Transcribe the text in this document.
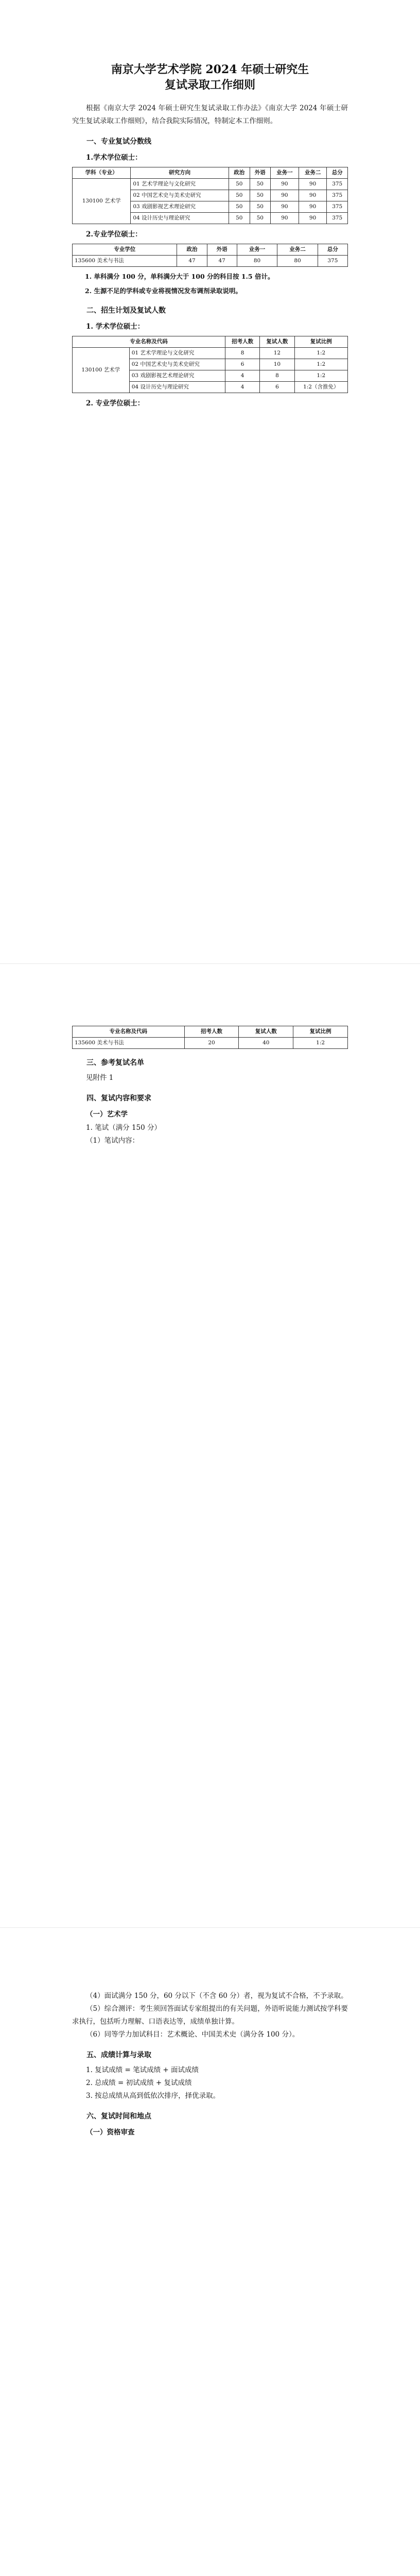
南京大学艺术学院 2024 年硕士研究生
复试录取工作细则

根据《南京大学 2024 年硕士研究生复试录取工作办法》《南京大学 2024 年硕士研究生复试录取工作细则》，结合我院实际情况，特制定本工作细则。

一、专业复试分数线
1.学术学位硕士：
学科（专业）	研究方向	政治	外语	业务一	业务二	总分
130100 艺术学	01 艺术学理论与文化研究	50	50	90	90	375
	02 中国艺术史与美术史研究	50	50	90	90	375
	03 戏剧影视艺术理论研究	50	50	90	90	375
	04 设计历史与理论研究	50	50	90	90	375
2.专业学位硕士：
专业学位	政治	外语	业务一	业务二	总分
135600 美术与书法	47	47	80	80	375
1. 单科满分 100 分，单科满分大于 100 分的科目按 1.5 倍计。
2. 生源不足的学科或专业将视情况发布调剂录取说明。
二、招生计划及复试人数
1. 学术学位硕士：
专业名称及代码		招考人数	复试人数	复试比例
130100 艺术学	01 艺术学理论与文化研究	8	12	1:2
	02 中国艺术史与美术史研究	6	10	1:2
	03 戏剧影视艺术理论研究	4	8	1:2
	04 设计历史与理论研究	4	6	1:2（含推免）
2. 专业学位硕士：
专业名称及代码	招考人数	复试人数	复试比例
135600 美术与书法	20	40	1:2
三、参考复试名单

见附件 1

四、复试内容和要求
（一）艺术学

1. 笔试（满分 150 分）

（1）笔试内容：

（4）面试满分 150 分，60 分以下（不含 60 分）者，视为复试不合格，不予录取。

（5）综合测评：考生须回答面试专家组提出的有关问题，外语听说能力测试按学科要求执行，包括听力理解、口语表达等，成绩单独计算。

（6）同等学力加试科目：艺术概论、中国美术史（满分各 100 分）。

五、成绩计算与录取

1. 复试成绩 = 笔试成绩 + 面试成绩

2. 总成绩 = 初试成绩 + 复试成绩

3. 按总成绩从高到低依次排序，择优录取。

六、复试时间和地点
（一）资格审查
